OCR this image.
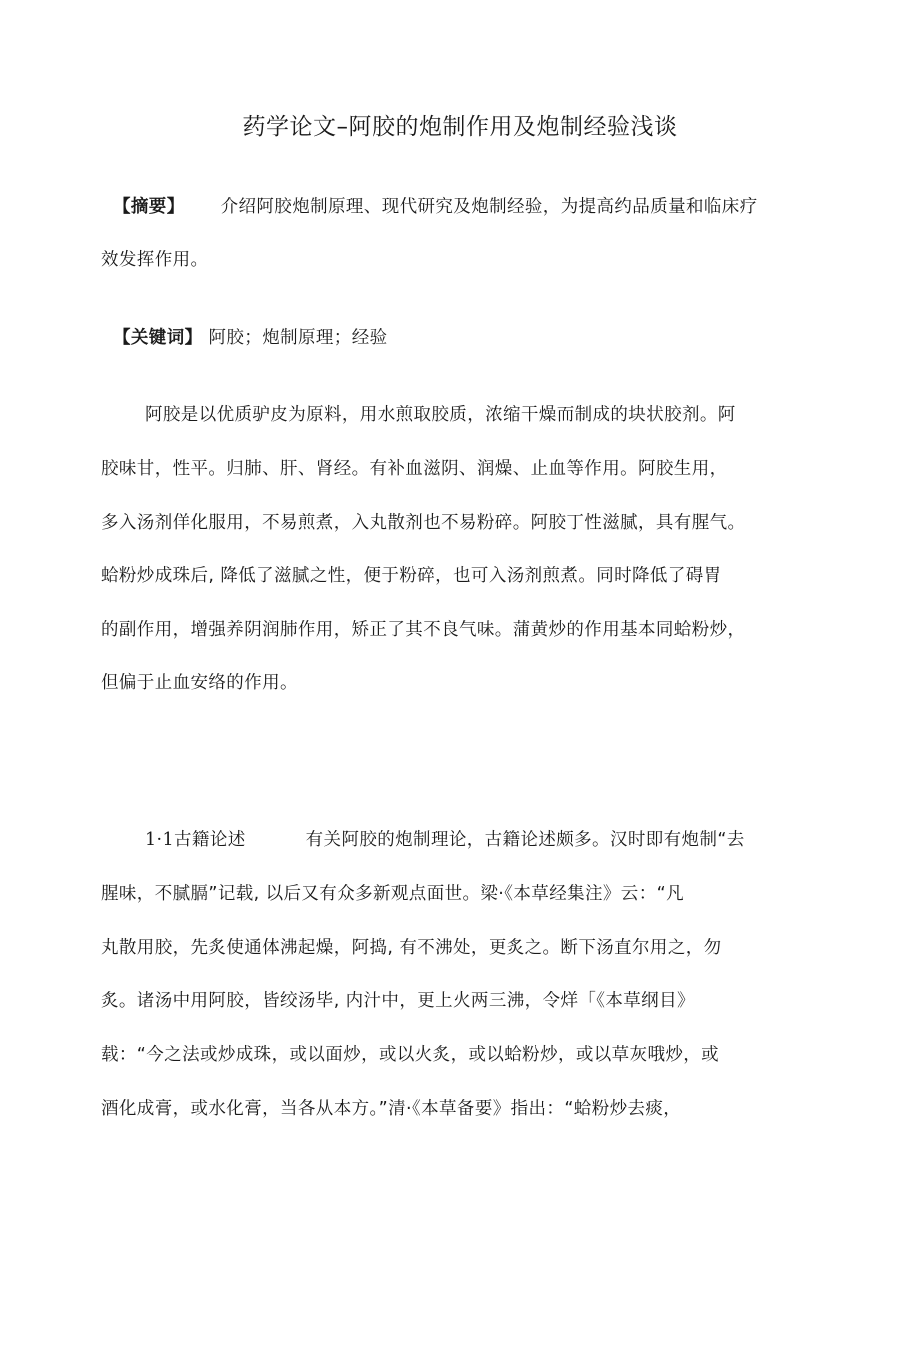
药学论文–阿胶的炮制作用及炮制经验浅谈
【摘要】 介绍阿胶炮制原理、现代研究及炮制经验，为提高约品质量和临床疗
效发挥作用。
【关键词】 阿胶；炮制原理；经验
阿胶是以优质驴皮为原料，用水煎取胶质，浓缩干燥而制成的块状胶剂。阿
胶味甘，性平。归肺、肝、肾经。有补血滋阴、润燥、止血等作用。阿胶生用，
多入汤剂佯化服用，不易煎煮，入丸散剂也不易粉碎。阿胶丁性滋腻，具有腥气。
蛤粉炒成珠后, 降低了滋腻之性，便于粉碎，也可入汤剂煎煮。同时降低了碍胃
的副作用，增强养阴润肺作用，矫正了其不良气味。蒲黄炒的作用基本同蛤粉炒，
但偏于止血安络的作用。
1·1古籍论述	有关阿胶的炮制理论，古籍论述颇多。汉时即有炮制“去
腥味，不腻膈”记载, 以后又有众多新观点面世。梁·《本草经集注》云：“凡
丸散用胶，先炙使通体沸起燥，阿捣, 有不沸处，更炙之。断下汤直尔用之，勿
炙。诸汤中用阿胶，皆绞汤毕, 内汁中，更上火两三沸，令烊「《本草纲目》
载：“今之法或炒成珠，或以面炒，或以火炙，或以蛤粉炒，或以草灰哦炒，或
酒化成膏，或水化膏，当各从本方。”清·《本草备要》指出：“蛤粉炒去痰，
